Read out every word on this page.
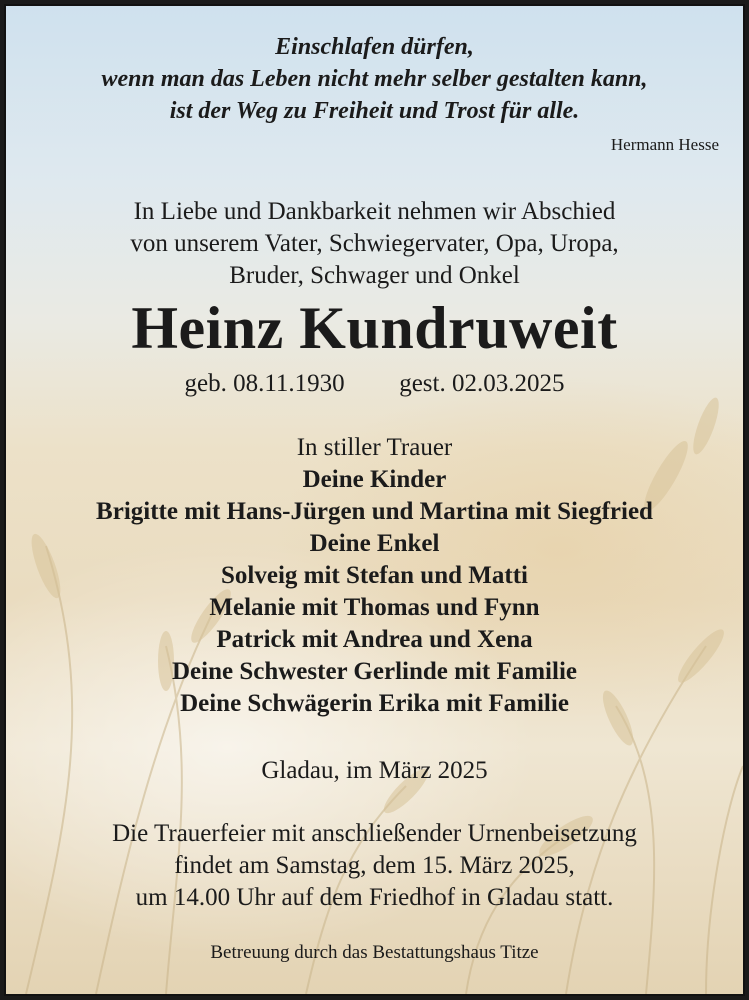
Einschlafen dürfen,
wenn man das Leben nicht mehr selber gestalten kann,
ist der Weg zu Freiheit und Trost für alle.
Hermann Hesse
In Liebe und Dankbarkeit nehmen wir Abschied
von unserem Vater, Schwiegervater, Opa, Uropa,
Bruder, Schwager und Onkel
Heinz Kundruweit
geb. 08.11.1930 gest. 02.03.2025
In stiller Trauer
Deine Kinder
Brigitte mit Hans-Jürgen und Martina mit Siegfried
Deine Enkel
Solveig mit Stefan und Matti
Melanie mit Thomas und Fynn
Patrick mit Andrea und Xena
Deine Schwester Gerlinde mit Familie
Deine Schwägerin Erika mit Familie
Gladau, im März 2025
Die Trauerfeier mit anschließender Urnenbeisetzung
findet am Samstag, dem 15. März 2025,
um 14.00 Uhr auf dem Friedhof in Gladau statt.
Betreuung durch das Bestattungshaus Titze
